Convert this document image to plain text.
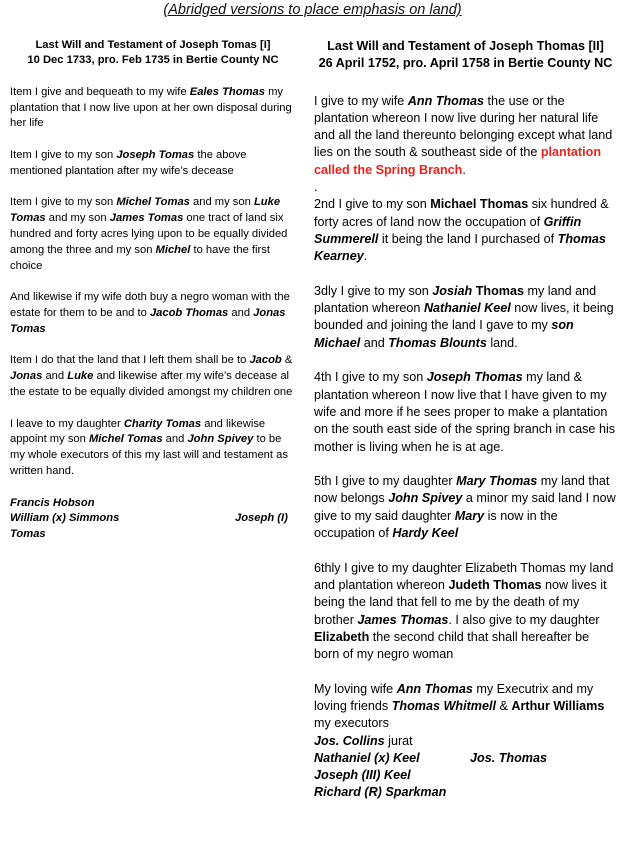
(Abridged versions to place emphasis on land)

Last Will and Testament of Joseph Tomas [I]
10 Dec 1733, pro. Feb 1735 in Bertie County NC

Item I give and bequeath to my wife Eales Thomas my plantation that I now live upon at her own disposal during her life

Item I give to my son Joseph Tomas the above mentioned plantation after my wife’s decease

Item I give to my son Michel Tomas and my son Luke Tomas and my son James Tomas one tract of land six hundred and forty acres lying upon to be equally divided among the three and my son Michel to have the first choice

And likewise if my wife doth buy a negro woman with the estate for them to be and to Jacob Thomas and Jonas Tomas

Item I do that the land that I left them shall be to Jacob & Jonas and Luke and likewise after my wife’s decease al the estate to be equally divided amongst my children one

I leave to my daughter Charity Tomas and likewise appoint my son Michel Tomas and John Spivey to be my whole executors of this my last will and testament as written hand.

Francis Hobson

William (x) Simmons	Joseph (I)

Tomas

Last Will and Testament of Joseph Thomas [II]
26 April 1752, pro. April 1758 in Bertie County NC

I give to my wife Ann Thomas the use or the plantation whereon I now live during her natural life and all the land thereunto belonging except what land lies on the south & southeast side of the plantation called the Spring Branch.

.

2nd I give to my son Michael Thomas six hundred & forty acres of land now the occupation of Griffin Summerell it being the land I purchased of Thomas Kearney.

3dly I give to my son Josiah Thomas my land and plantation whereon Nathaniel Keel now lives, it being bounded and joining the land I gave to my son Michael and Thomas Blounts land.

4th I give to my son Joseph Thomas my land & plantation whereon I now live that I have given to my wife and more if he sees proper to make a plantation on the south east side of the spring branch in case his mother is living when he is at age.

5th I give to my daughter Mary Thomas my land that now belongs John Spivey a minor my said land I now give to my said daughter Mary is now in the occupation of Hardy Keel

6thly I give to my daughter Elizabeth Thomas my land and plantation whereon Judeth Thomas now lives it being the land that fell to me by the death of my brother James Thomas. I also give to my daughter Elizabeth the second child that shall hereafter be born of my negro woman

My loving wife Ann Thomas my Executrix and my loving friends Thomas Whitmell & Arthur Williams my executors

Jos. Collins jurat

Nathaniel (x) Keel	Jos. Thomas

Joseph (III) Keel

Richard (R) Sparkman
